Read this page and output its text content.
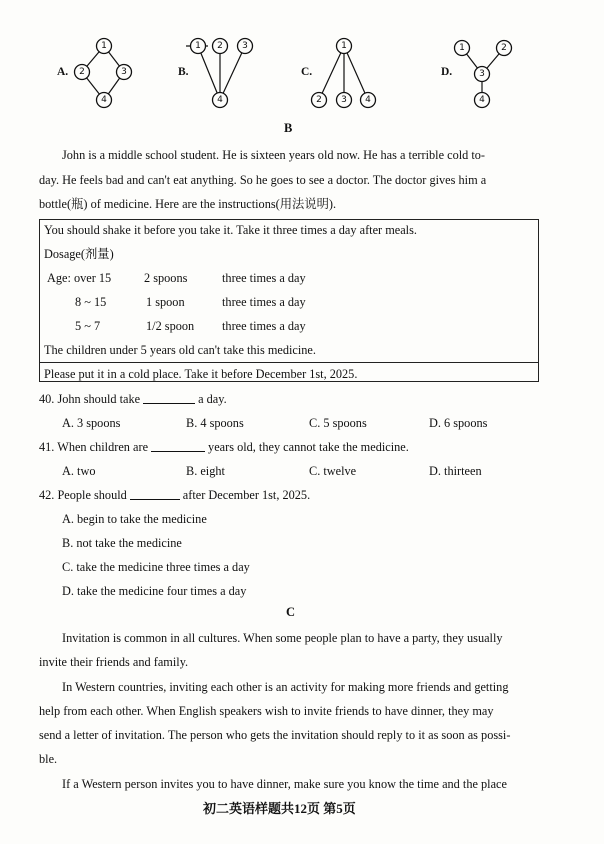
1
2	3
4
1 2 3
4
1
2 3 4
1	2
3
4
A.	B.	C.	D.
B
John is a middle school student. He is sixteen years old now. He has a terrible cold to-
day. He feels bad and can't eat anything. So he goes to see a doctor. The doctor gives him a
bottle(瓶) of medicine. Here are the instructions(用法说明).
You should shake it before you take it. Take it three times a day after meals.
Dosage(剂量)
Age: over 15	2 spoons	three times a day
8 ~ 15	1 spoon	three times a day
5 ~ 7	1/2 spoon three times a day
The children under 5 years old can't take this medicine.
Please put it in a cold place. Take it before December 1st, 2025.
40. John should take	a day.
A. 3 spoons	B. 4 spoons	C. 5 spoons	D. 6 spoons
41. When children are	years old, they cannot take the medicine.
A. two	B. eight	C. twelve	D. thirteen
42. People should	after December 1st, 2025.
A. begin to take the medicine
B. not take the medicine
C. take the medicine three times a day
D. take the medicine four times a day
C
Invitation is common in all cultures. When some people plan to have a party, they usually
invite their friends and family.
In Western countries, inviting each other is an activity for making more friends and getting
help from each other. When English speakers wish to invite friends to have dinner, they may
send a letter of invitation. The person who gets the invitation should reply to it as soon as possi-
ble.
If a Western person invites you to have dinner, make sure you know the time and the place
初二英语样题共12页 第5页
